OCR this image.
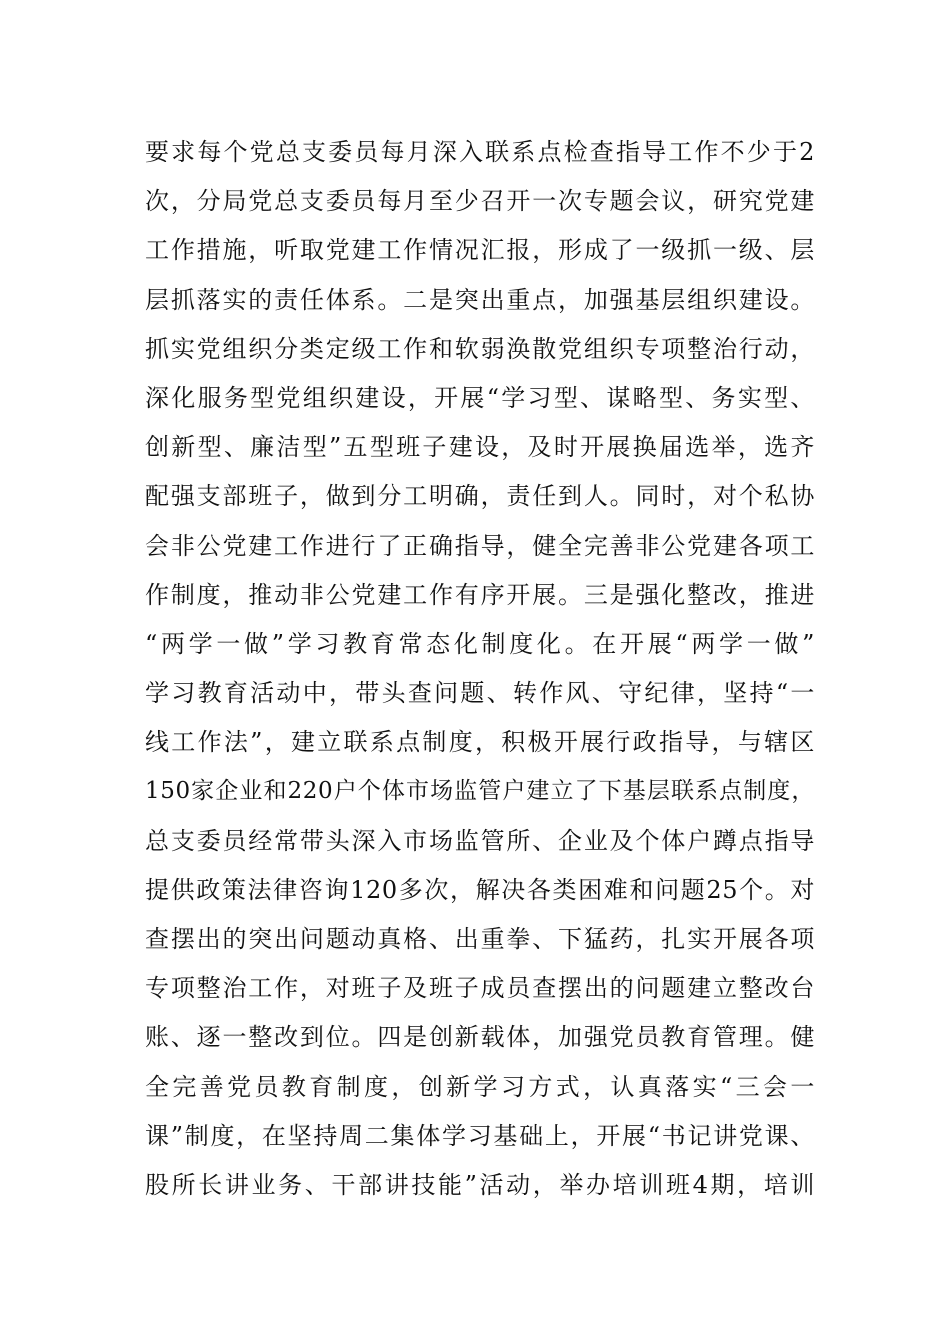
要求每个党总支委员每月深入联系点检查指导工作不少于2
次，分局党总支委员每月至少召开一次专题会议，研究党建
工作措施，听取党建工作情况汇报，形成了一级抓一级、层
层抓落实的责任体系。二是突出重点，加强基层组织建设。
抓实党组织分类定级工作和软弱涣散党组织专项整治行动，
深化服务型党组织建设，开展“学习型、谋略型、务实型、
创新型、廉洁型”五型班子建设，及时开展换届选举，选齐
配强支部班子，做到分工明确，责任到人。同时，对个私协
会非公党建工作进行了正确指导，健全完善非公党建各项工
作制度，推动非公党建工作有序开展。三是强化整改，推进
“两学一做”学习教育常态化制度化。在开展“两学一做”
学习教育活动中，带头查问题、转作风、守纪律，坚持“一
线工作法”，建立联系点制度，积极开展行政指导，与辖区
150家企业和220户个体市场监管户建立了下基层联系点制度，
总支委员经常带头深入市场监管所、企业及个体户蹲点指导
提供政策法律咨询120多次，解决各类困难和问题25个。对
查摆出的突出问题动真格、出重拳、下猛药，扎实开展各项
专项整治工作，对班子及班子成员查摆出的问题建立整改台
账、逐一整改到位。四是创新载体，加强党员教育管理。健
全完善党员教育制度，创新学习方式，认真落实“三会一
课”制度，在坚持周二集体学习基础上，开展“书记讲党课、
股所长讲业务、干部讲技能”活动，举办培训班4期，培训
